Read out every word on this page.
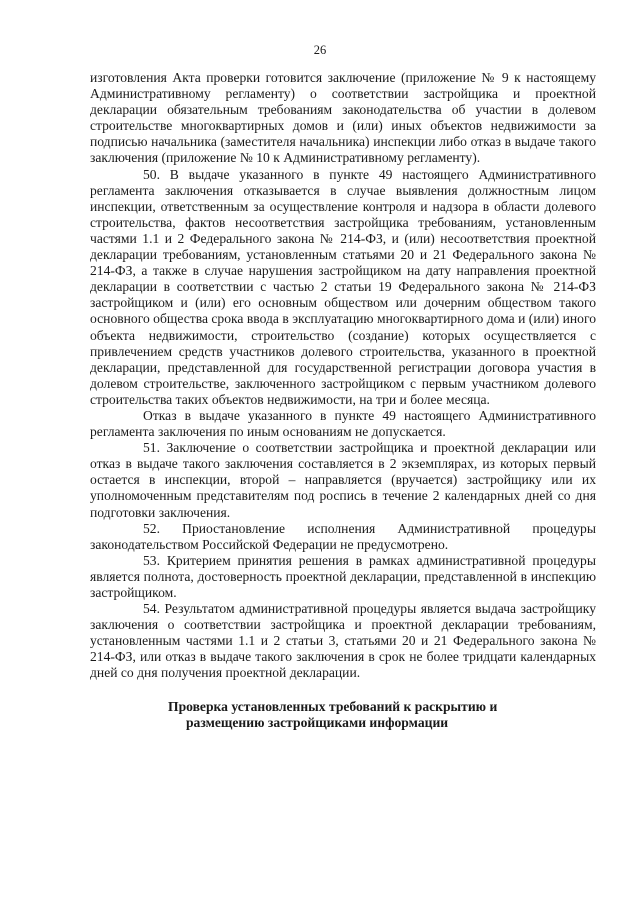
26

изготовления Акта проверки готовится заключение (приложение № 9 к настоящему Административному регламенту) о соответствии застройщика и проектной декларации обязательным требованиям законодательства об участии в долевом строительстве многоквартирных домов и (или) иных объектов недвижимости за подписью начальника (заместителя начальника) инспекции либо отказ в выдаче такого заключения (приложение № 10 к Административному регламенту).

50. В выдаче указанного в пункте 49 настоящего Административного регламента заключения отказывается в случае выявления должностным лицом инспекции, ответственным за осуществление контроля и надзора в области долевого строительства, фактов несоответствия застройщика требованиям, установленным частями 1.1 и 2 Федерального закона № 214-ФЗ, и (или) несоответствия проектной декларации требованиям, установленным статьями 20 и 21 Федерального закона № 214-ФЗ, а также в случае нарушения застройщиком на дату направления проектной декларации в соответствии с частью 2 статьи 19 Федерального закона № 214-ФЗ застройщиком и (или) его основным обществом или дочерним обществом такого основного общества срока ввода в эксплуатацию многоквартирного дома и (или) иного объекта недвижимости, строительство (создание) которых осуществляется с привлечением средств участников долевого строительства, указанного в проектной декларации, представленной для государственной регистрации договора участия в долевом строительстве, заключенного застройщиком с первым участником долевого строительства таких объектов недвижимости, на три и более месяца.

Отказ в выдаче указанного в пункте 49 настоящего Административного регламента заключения по иным основаниям не допускается.

51. Заключение о соответствии застройщика и проектной декларации или отказ в выдаче такого заключения составляется в 2 экземплярах, из которых первый остается в инспекции, второй – направляется (вручается) застройщику или их уполномоченным представителям под роспись в течение 2 календарных дней со дня подготовки заключения.

52. Приостановление исполнения Административной процедуры законодательством Российской Федерации не предусмотрено.

53. Критерием принятия решения в рамках административной процедуры является полнота, достоверность проектной декларации, представленной в инспекцию застройщиком.

54. Результатом административной процедуры является выдача застройщику заключения о соответствии застройщика и проектной декларации требованиям, установленным частями 1.1 и 2 статьи 3, статьями 20 и 21 Федерального закона № 214-ФЗ, или отказ в выдаче такого заключения в срок не более тридцати календарных дней со дня получения проектной декларации.

Проверка установленных требований к раскрытию и
размещению застройщиками информации
